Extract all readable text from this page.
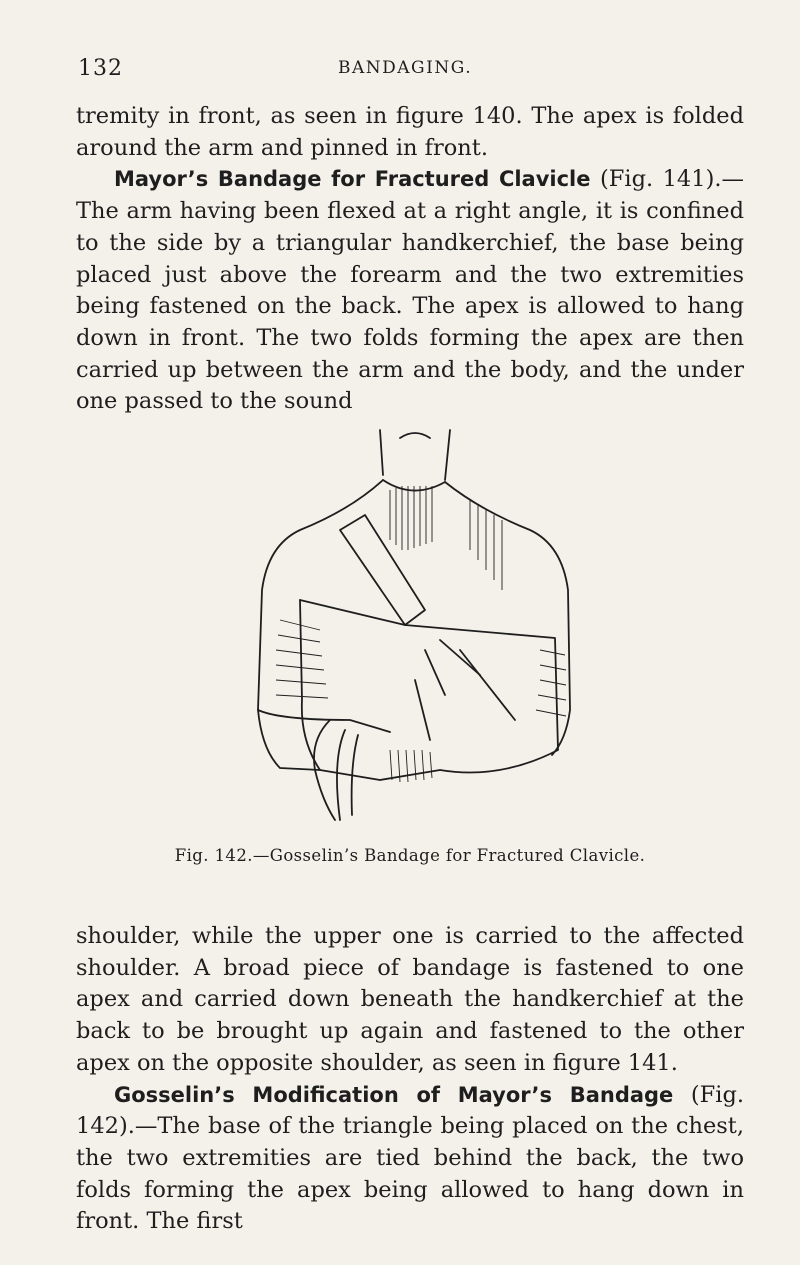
132	BANDAGING.

tremity in front, as seen in figure 140. The apex is folded around the arm and pinned in front.

Mayor’s Bandage for Fractured Clavicle (Fig. 141).—The arm having been flexed at a right angle, it is confined to the side by a triangular handkerchief, the base being placed just above the forearm and the two extremities being fastened on the back. The apex is allowed to hang down in front. The two folds forming the apex are then carried up between the arm and the body, and the under one passed to the sound

Fig. 142.—Gosselin’s Bandage for Fractured Clavicle.

shoulder, while the upper one is carried to the affected shoulder. A broad piece of bandage is fastened to one apex and carried down beneath the handkerchief at the back to be brought up again and fastened to the other apex on the opposite shoulder, as seen in figure 141.

Gosselin’s Modification of Mayor’s Bandage (Fig. 142).—The base of the triangle being placed on the chest, the two extremities are tied behind the back, the two folds forming the apex being allowed to hang down in front. The first
